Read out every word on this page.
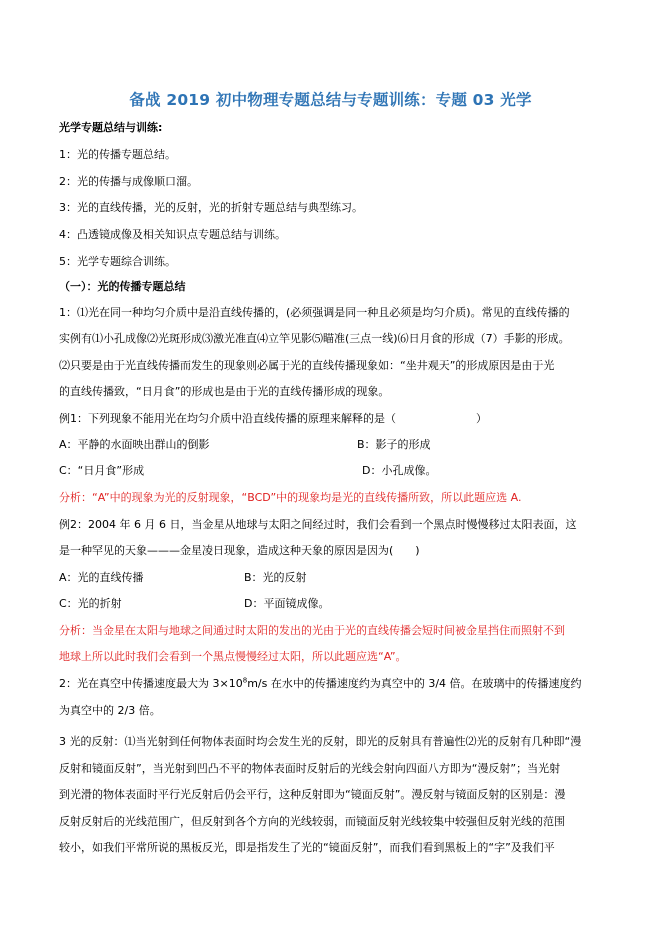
备战 2019 初中物理专题总结与专题训练：专题 03 光学
光学专题总结与训练:
1：光的传播专题总结。
2：光的传播与成像顺口溜。
3：光的直线传播，光的反射，光的折射专题总结与典型练习。
4：凸透镜成像及相关知识点专题总结与训练。
5：光学专题综合训练。
（一）：光的传播专题总结
1：⑴光在同一种均匀介质中是沿直线传播的，(必须强调是同一种且必须是均匀介质)。常见的直线传播的
实例有⑴小孔成像⑵光斑形成⑶激光准直⑷立竿见影⑸瞄准(三点一线)⑹日月食的形成（7）手影的形成。
⑵只要是由于光直线传播而发生的现象则必属于光的直线传播现象如：“坐井观天”的形成原因是由于光
的直线传播致，“日月食”的形成也是由于光的直线传播形成的现象。
例1：下列现象不能用光在均匀介质中沿直线传播的原理来解释的是（	）
A：平静的水面映出群山的倒影	B：影子的形成
C：“日月食”形成	D：小孔成像。
分析：“A”中的现象为光的反射现象，“BCD”中的现象均是光的直线传播所致，所以此题应选 A.
例2：2004 年 6 月 6 日，当金星从地球与太阳之间经过时，我们会看到一个黑点时慢慢移过太阳表面，这
是一种罕见的天象———金星凌日现象，造成这种天象的原因是因为(　　)
A：光的直线传播	B：光的反射
C：光的折射	D：平面镜成像。
分析：当金星在太阳与地球之间通过时太阳的发出的光由于光的直线传播会短时间被金星挡住而照射不到
地球上所以此时我们会看到一个黑点慢慢经过太阳，所以此题应选“A”。
2：光在真空中传播速度最大为 $3\times 10^8m/s$ 在水中的传播速度约为真空中的 3/4 倍。在玻璃中的传播速度约
为真空中的 2/3 倍。
3 光的反射：⑴当光射到任何物体表面时均会发生光的反射，即光的反射具有普遍性⑵光的反射有几种即“漫
反射和镜面反射”，当光射到凹凸不平的物体表面时反射后的光线会射向四面八方即为“漫反射”；当光射
到光滑的物体表面时平行光反射后仍会平行，这种反射即为“镜面反射”。漫反射与镜面反射的区别是：漫
反射反射后的光线范围广，但反射到各个方向的光线较弱，而镜面反射光线较集中较强但反射光线的范围
较小，如我们平常所说的黑板反光，即是指发生了光的“镜面反射”，而我们看到黑板上的“字”及我们平
